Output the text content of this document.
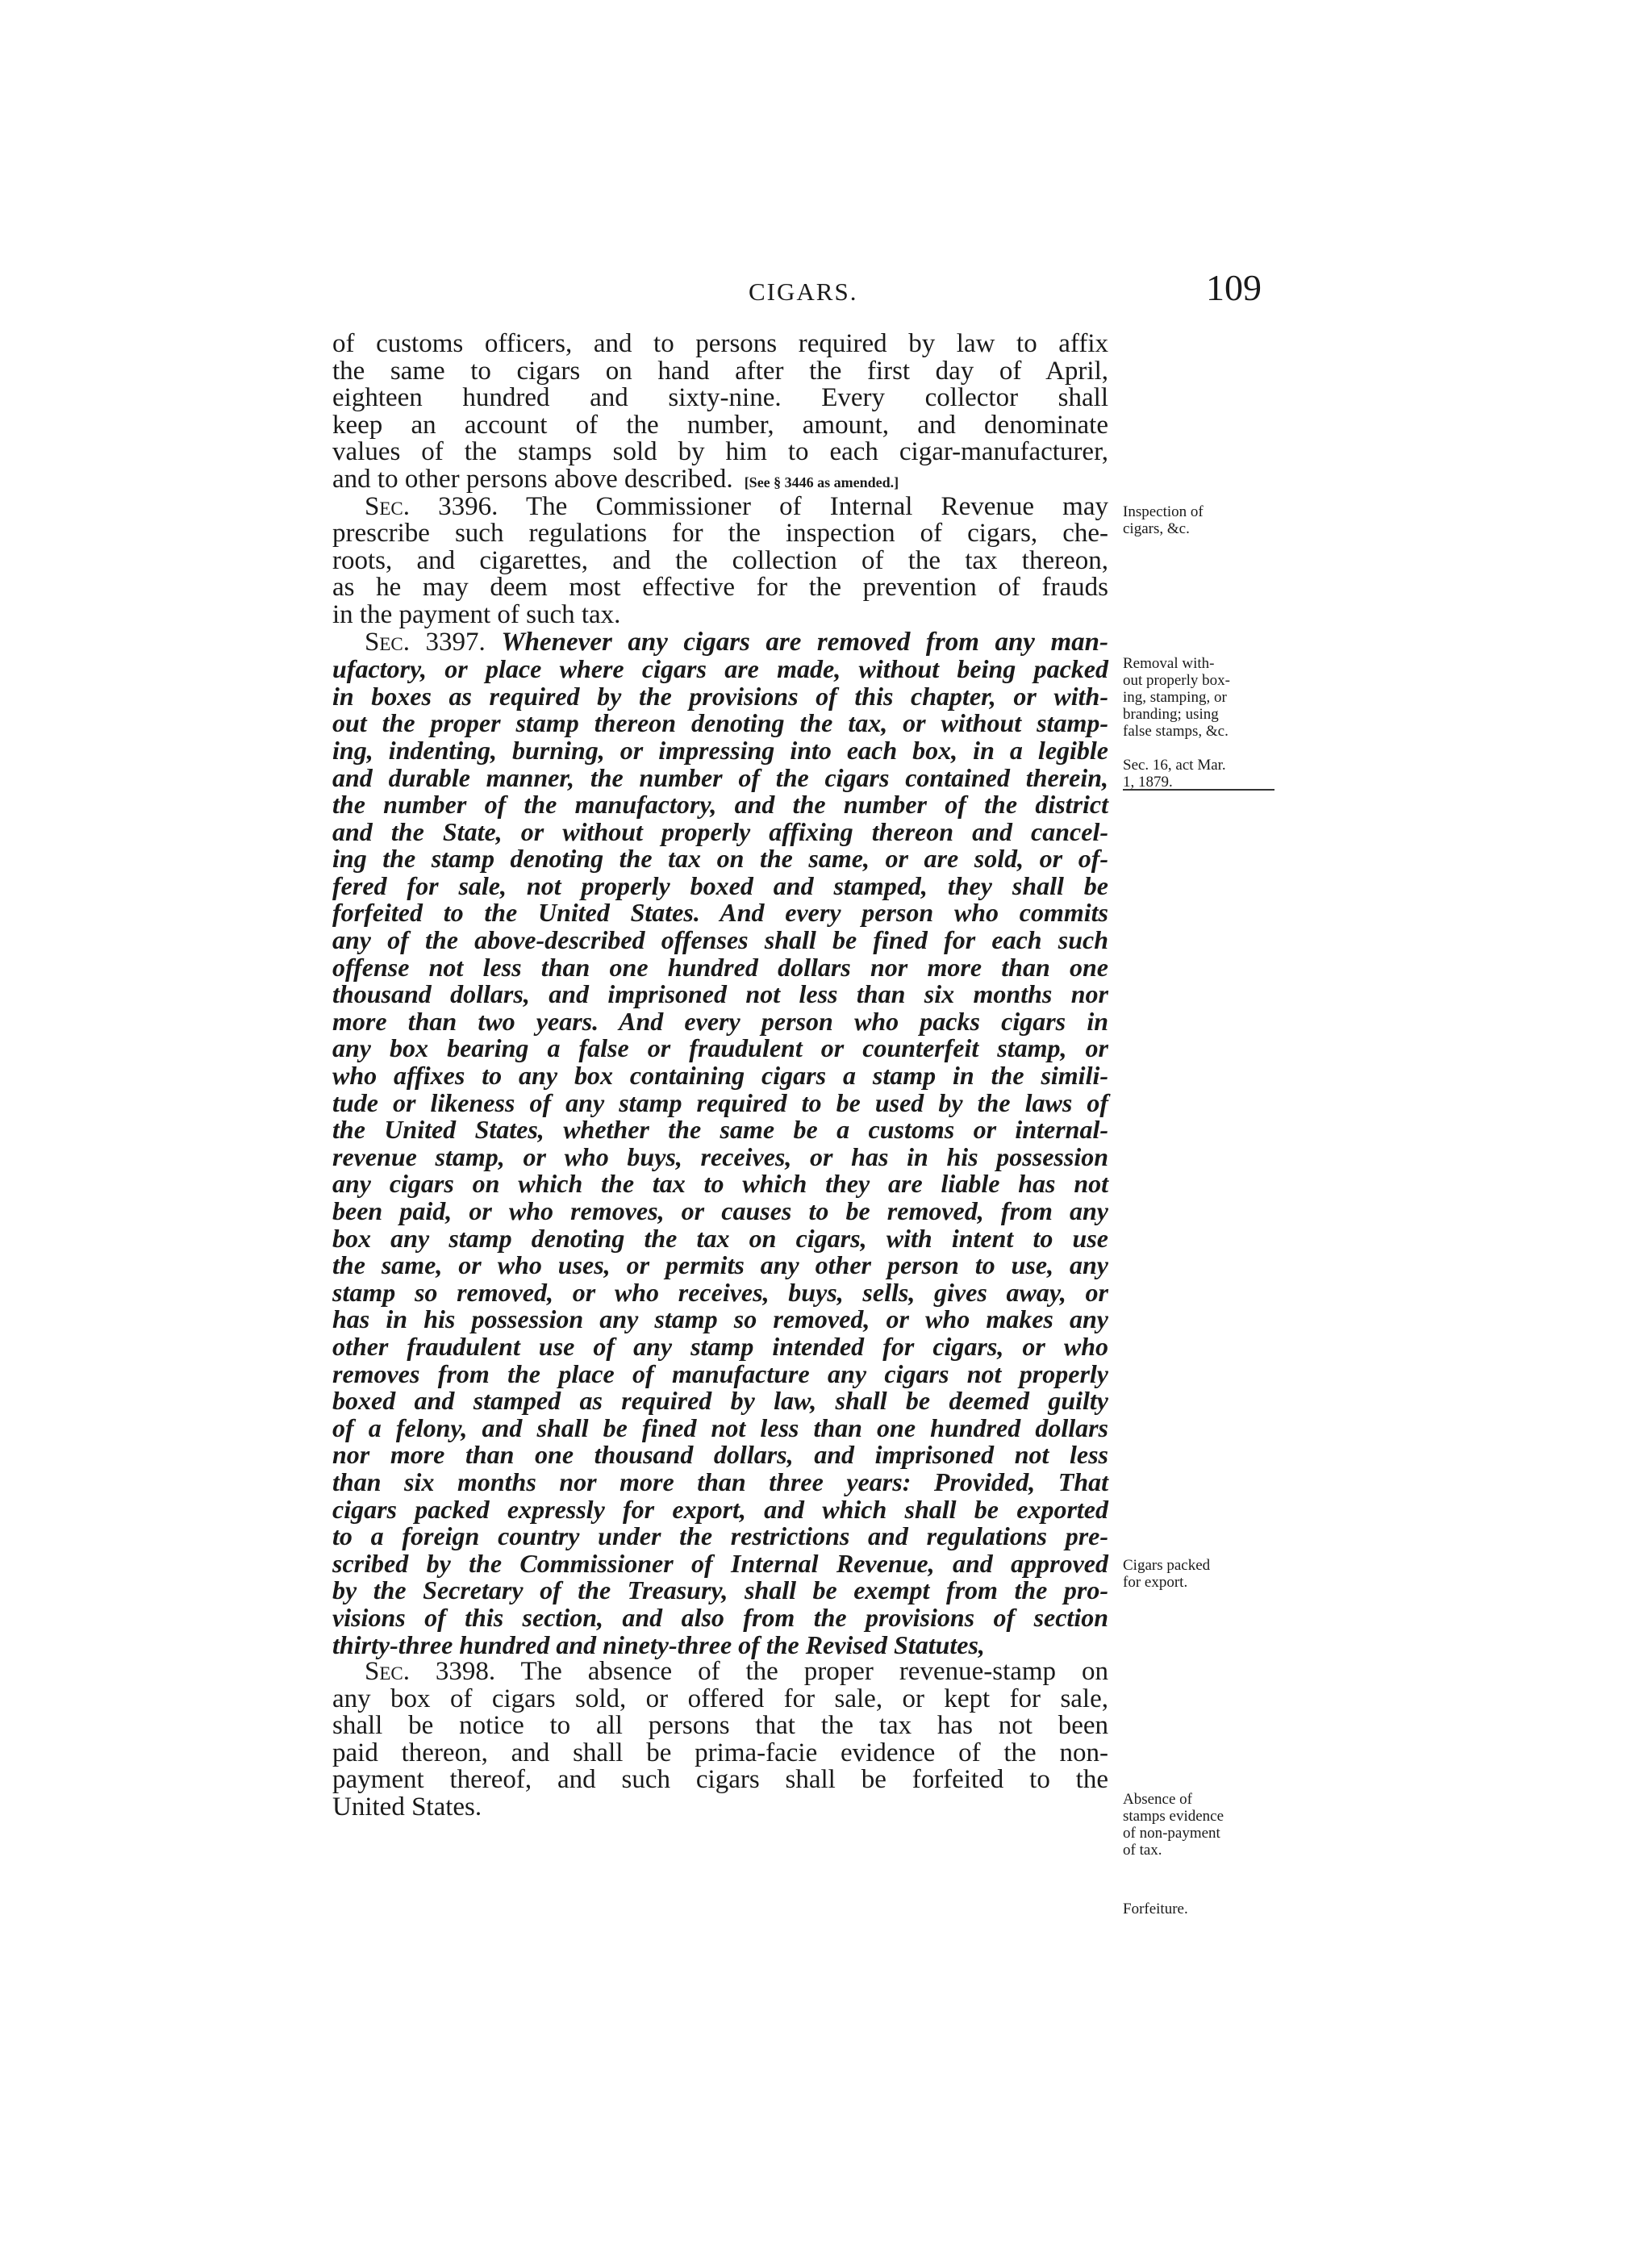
CIGARS.	109
of customs officers, and to persons required by law to affix
the same to cigars on hand after the first day of April,
eighteen hundred and sixty-nine. Every collector shall
keep an account of the number, amount, and denominate
values of the stamps sold by him to each cigar-manufacturer,
and to other persons above described. [See § 3446 as amended.]
Sec. 3396. The Commissioner of Internal Revenue may
prescribe such regulations for the inspection of cigars, che-
roots, and cigarettes, and the collection of the tax thereon,
as he may deem most effective for the prevention of frauds
in the payment of such tax.
Sec. 3397. Whenever any cigars are removed from any man-
ufactory, or place where cigars are made, without being packed
in boxes as required by the provisions of this chapter, or with-
out the proper stamp thereon denoting the tax, or without stamp-
ing, indenting, burning, or impressing into each box, in a legible
and durable manner, the number of the cigars contained therein,
the number of the manufactory, and the number of the district
and the State, or without properly affixing thereon and cancel-
ing the stamp denoting the tax on the same, or are sold, or of-
fered for sale, not properly boxed and stamped, they shall be
forfeited to the United States. And every person who commits
any of the above-described offenses shall be fined for each such
offense not less than one hundred dollars nor more than one
thousand dollars, and imprisoned not less than six months nor
more than two years. And every person who packs cigars in
any box bearing a false or fraudulent or counterfeit stamp, or
who affixes to any box containing cigars a stamp in the simili-
tude or likeness of any stamp required to be used by the laws of
the United States, whether the same be a customs or internal-
revenue stamp, or who buys, receives, or has in his possession
any cigars on which the tax to which they are liable has not
been paid, or who removes, or causes to be removed, from any
box any stamp denoting the tax on cigars, with intent to use
the same, or who uses, or permits any other person to use, any
stamp so removed, or who receives, buys, sells, gives away, or
has in his possession any stamp so removed, or who makes any
other fraudulent use of any stamp intended for cigars, or who
removes from the place of manufacture any cigars not properly
boxed and stamped as required by law, shall be deemed guilty
of a felony, and shall be fined not less than one hundred dollars
nor more than one thousand dollars, and imprisoned not less
than six months nor more than three years: Provided, That
cigars packed expressly for export, and which shall be exported
to a foreign country under the restrictions and regulations pre-
scribed by the Commissioner of Internal Revenue, and approved
by the Secretary of the Treasury, shall be exempt from the pro-
visions of this section, and also from the provisions of section
thirty-three hundred and ninety-three of the Revised Statutes,
Sec. 3398. The absence of the proper revenue-stamp on
any box of cigars sold, or offered for sale, or kept for sale,
shall be notice to all persons that the tax has not been
paid thereon, and shall be prima-facie evidence of the non-
payment thereof, and such cigars shall be forfeited to the
United States.
Inspection of
cigars, &c.
Removal with-
out properly box-
ing, stamping, or
branding; using
false stamps, &c.
Sec. 16, act Mar.
1, 1879.
Cigars packed
for export.
Absence of
stamps evidence
of non-payment
of tax.
Forfeiture.
